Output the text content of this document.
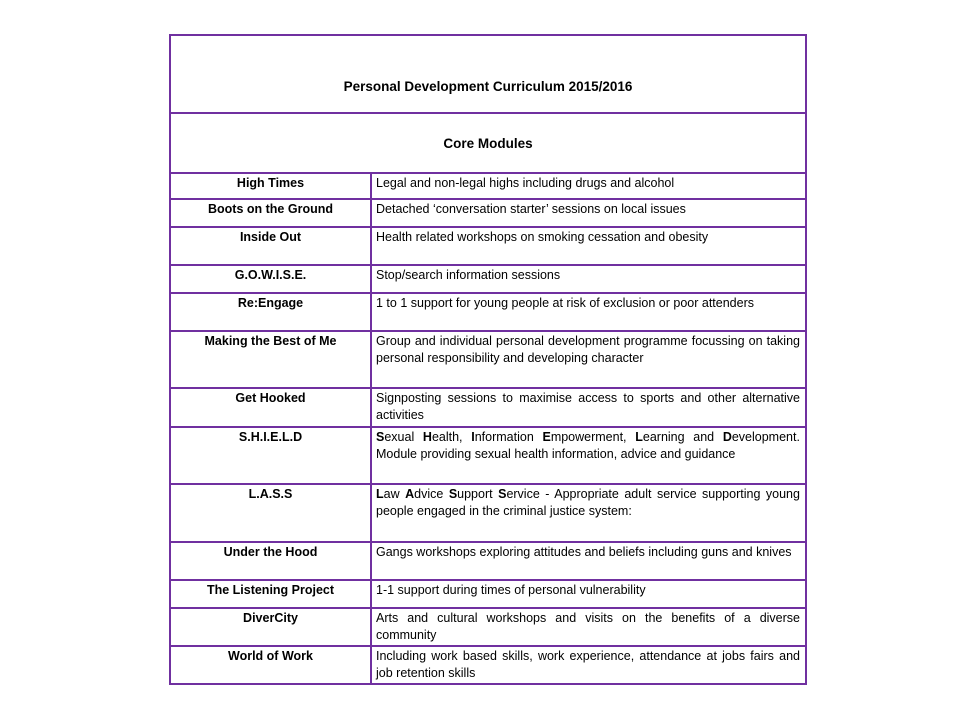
Personal Development Curriculum 2015/2016	
Core Modules	
High Times	Legal and non-legal highs including drugs and alcohol
Boots on the Ground	Detached ‘conversation starter’ sessions on local issues
Inside Out	Health related workshops on smoking cessation and obesity
G.O.W.I.S.E.	Stop/search information sessions
Re:Engage	1 to 1 support for young people at risk of exclusion or poor attenders
Making the Best of Me	Group and individual personal development programme focussing on taking personal responsibility and developing character
Get Hooked	Signposting sessions to maximise access to sports and other alternative activities
S.H.I.E.L.D	Sexual Health, Information Empowerment, Learning and Development. Module providing sexual health information, advice and guidance
L.A.S.S	Law Advice Support Service - Appropriate adult service supporting young people engaged in the criminal justice system:
Under the Hood	Gangs workshops exploring attitudes and beliefs including guns and knives
The Listening Project	1-1 support during times of personal vulnerability
DiverCity	Arts and cultural workshops and visits on the benefits of a diverse community
World of Work	Including work based skills, work experience, attendance at jobs fairs and job retention skills
